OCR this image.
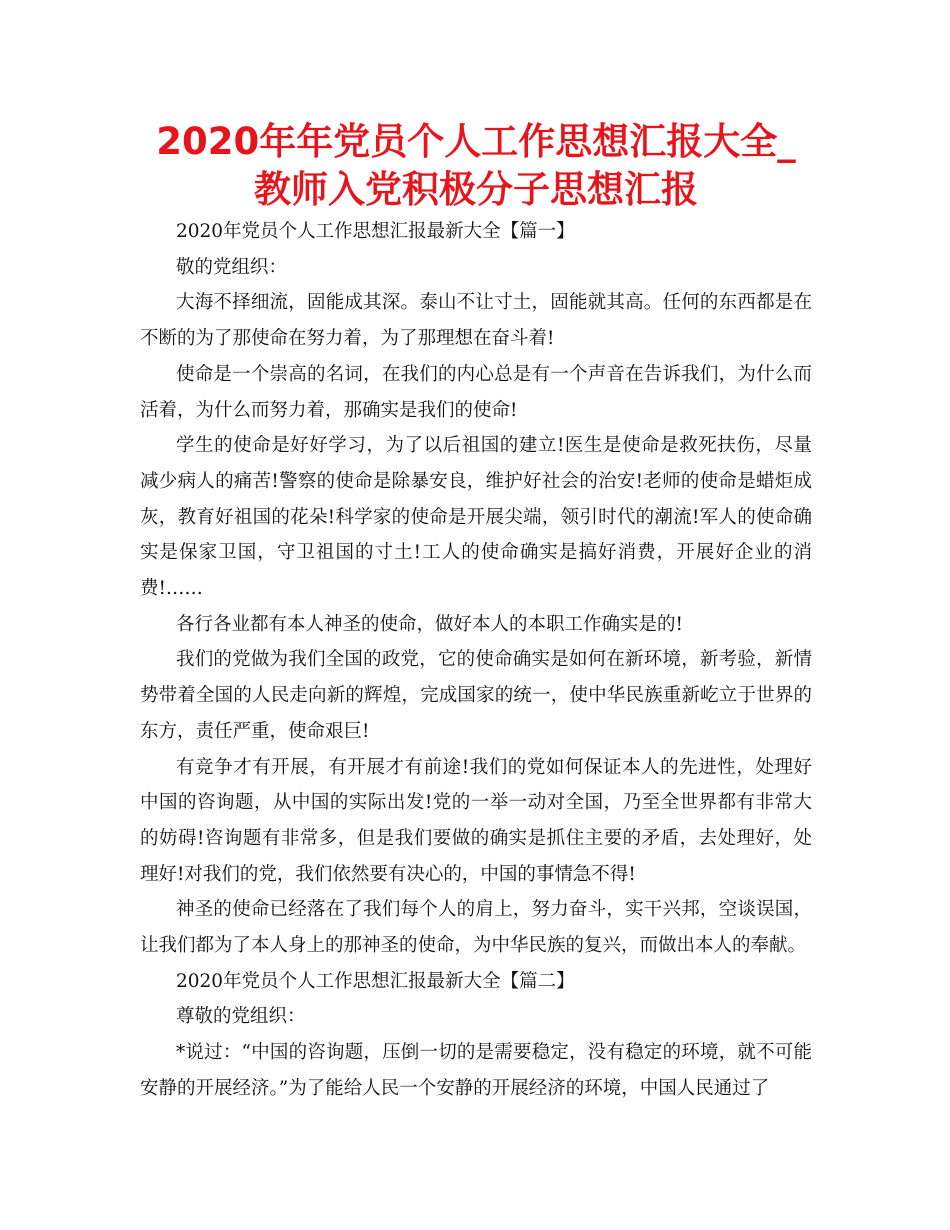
2020年年党员个人工作思想汇报大全_教师入党积极分子思想汇报

2020年党员个人工作思想汇报最新大全【篇一】

敬的党组织：

大海不择细流，固能成其深。泰山不让寸土，固能就其高。任何的东西都是在不断的为了那使命在努力着，为了那理想在奋斗着!

使命是一个崇高的名词，在我们的内心总是有一个声音在告诉我们，为什么而活着，为什么而努力着，那确实是我们的使命!

学生的使命是好好学习，为了以后祖国的建立!医生是使命是救死扶伤，尽量减少病人的痛苦!警察的使命是除暴安良，维护好社会的治安!老师的使命是蜡炬成灰，教育好祖国的花朵!科学家的使命是开展尖端，领引时代的潮流!军人的使命确实是保家卫国，守卫祖国的寸土!工人的使命确实是搞好消费，开展好企业的消费!……

各行各业都有本人神圣的使命，做好本人的本职工作确实是的!

我们的党做为我们全国的政党，它的使命确实是如何在新环境，新考验，新情势带着全国的人民走向新的辉煌，完成国家的统一，使中华民族重新屹立于世界的东方，责任严重，使命艰巨!

有竞争才有开展，有开展才有前途!我们的党如何保证本人的先进性，处理好中国的咨询题，从中国的实际出发!党的一举一动对全国，乃至全世界都有非常大的妨碍!咨询题有非常多，但是我们要做的确实是抓住主要的矛盾，去处理好，处理好!对我们的党，我们依然要有决心的，中国的事情急不得!

神圣的使命已经落在了我们每个人的肩上，努力奋斗，实干兴邦，空谈误国，让我们都为了本人身上的那神圣的使命，为中华民族的复兴，而做出本人的奉献。

2020年党员个人工作思想汇报最新大全【篇二】

尊敬的党组织：

*说过：“中国的咨询题，压倒一切的是需要稳定，没有稳定的环境，就不可能安静的开展经济。”为了能给人民一个安静的开展经济的环境，中国人民通过了
